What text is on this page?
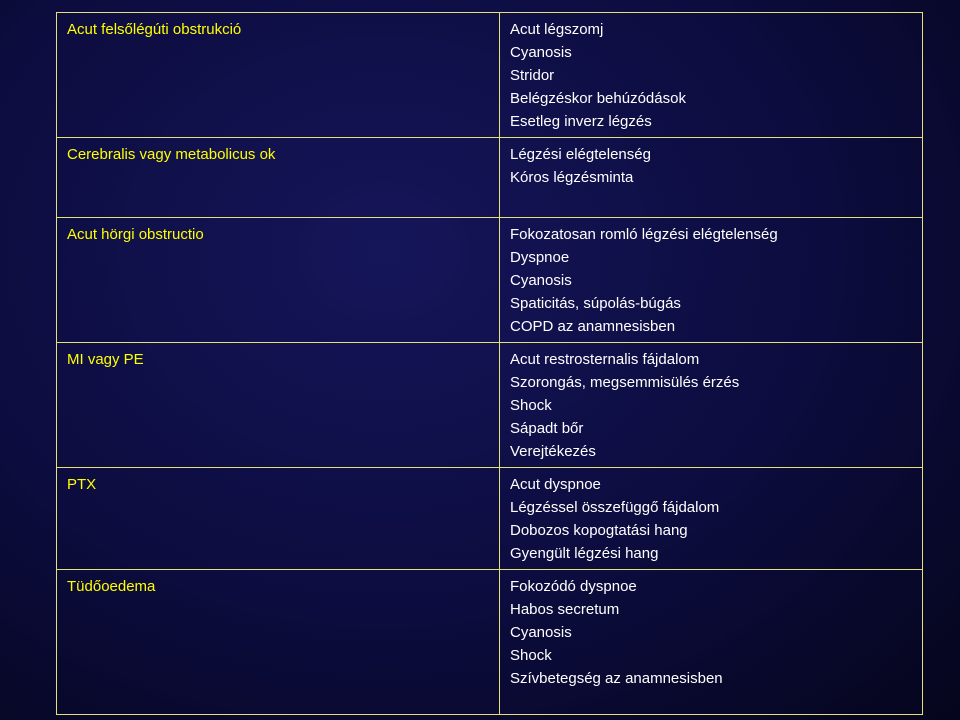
Acut felsőlégúti obstrukció	Acut légszomj
Cyanosis
Stridor
Belégzéskor behúzódások
Esetleg inverz légzés

Cerebralis vagy metabolicus ok	Légzési elégtelenség
Kóros légzésminta

Acut hörgi obstructio	Fokozatosan romló légzési elégtelenség
Dyspnoe
Cyanosis
Spaticitás, súpolás-búgás
COPD az anamnesisben

MI vagy PE	Acut restrosternalis fájdalom
Szorongás, megsemmisülés érzés
Shock
Sápadt bőr
Verejtékezés

PTX	Acut dyspnoe
Légzéssel összefüggő fájdalom
Dobozos kopogtatási hang
Gyengült légzési hang

Tüdőoedema	Fokozódó dyspnoe
Habos secretum
Cyanosis
Shock
Szívbetegség az anamnesisben
